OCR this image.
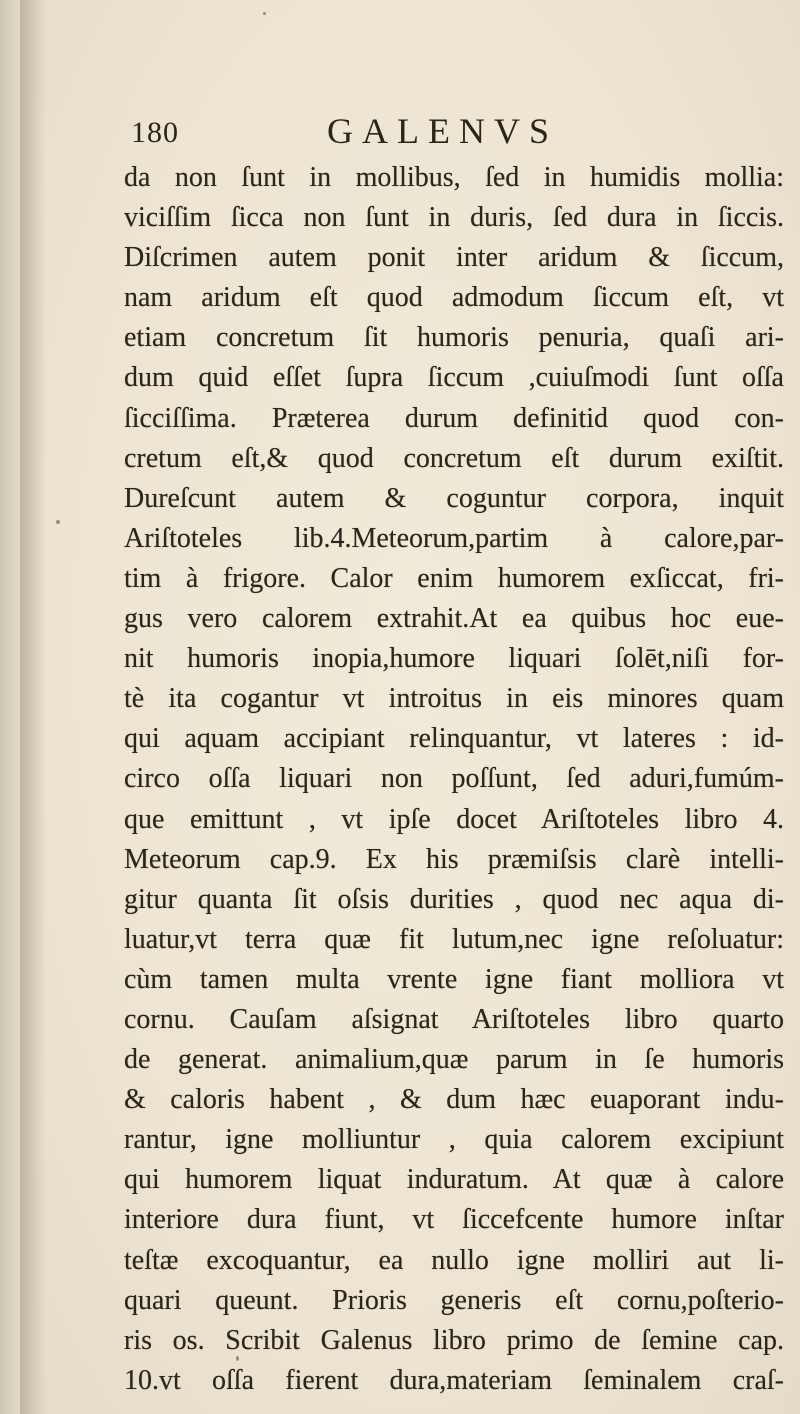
180	GALENVS
da non ſunt in mollibus, ſed in humidis mollia:
viciſſim ſicca non ſunt in duris, ſed dura in ſiccis.
Diſcrimen autem ponit inter aridum & ſiccum,
nam aridum eſt quod admodum ſiccum eſt, vt
etiam concretum ſit humoris penuria, quaſi ari-
dum quid eſſet ſupra ſiccum ,cuiuſmodi ſunt oſſa
ſicciſſima. Præterea durum definitid quod con-
cretum eſt,& quod concretum eſt durum exiſtit.
Dureſcunt autem & coguntur corpora, inquit
Ariſtoteles lib.4.Meteorum,partim à calore,par-
tim à frigore. Calor enim humorem exſiccat, fri-
gus vero calorem extrahit.At ea quibus hoc eue-
nit humoris inopia,humore liquari ſolēt,niſi for-
tè ita cogantur vt introitus in eis minores quam
qui aquam accipiant relinquantur, vt lateres : id-
circo oſſa liquari non poſſunt, ſed aduri,fumúm-
que emittunt , vt ipſe docet Ariſtoteles libro 4.
Meteorum cap.9. Ex his præmiſsis clarè intelli-
gitur quanta ſit oſsis durities , quod nec aqua di-
luatur,vt terra quæ fit lutum,nec igne reſoluatur:
cùm tamen multa vrente igne fiant molliora vt
cornu. Cauſam aſsignat Ariſtoteles libro quarto
de generat. animalium,quæ parum in ſe humoris
& caloris habent , & dum hæc euaporant indu-
rantur, igne molliuntur , quia calorem excipiunt
qui humorem liquat induratum. At quæ à calore
interiore dura fiunt, vt ſiccefcente humore inſtar
teſtæ excoquantur, ea nullo igne molliri aut li-
quari queunt. Prioris generis eſt cornu,poſterio-
ris os. Scribit Galenus libro primo de ſemine cap.
10.vt oſſa fierent dura,materiam ſeminalem craſ-
